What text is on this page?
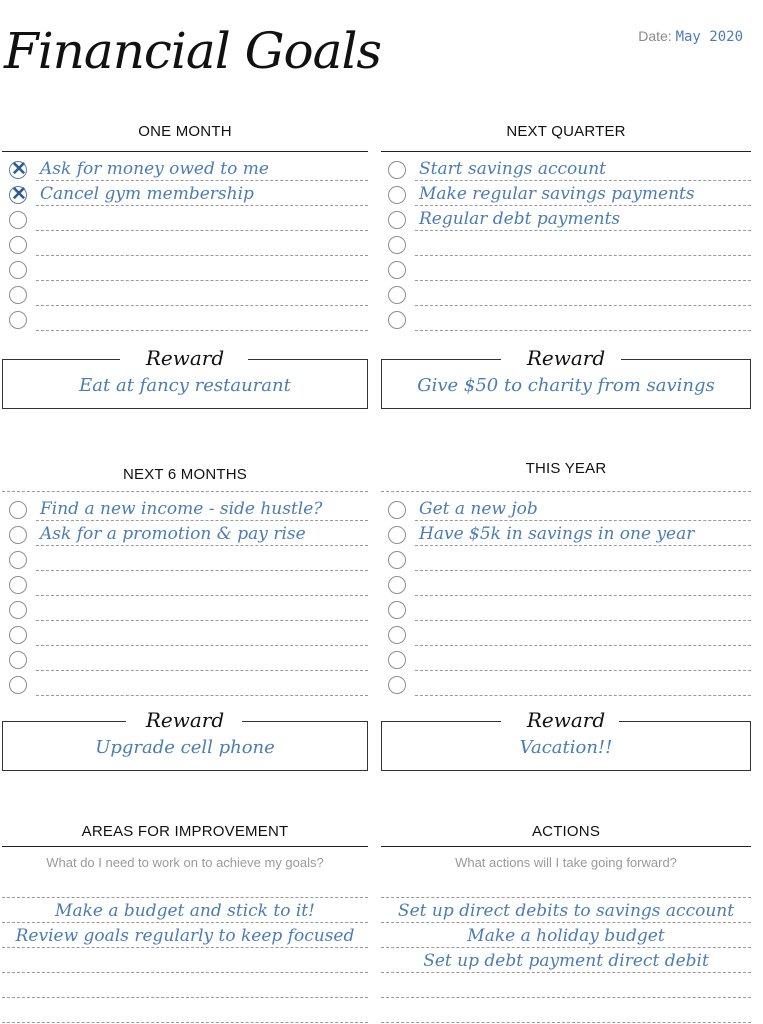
Financial Goals	Date: May 2020
ONE MONTH
✕ Ask for money owed to me
✕ Cancel gym membership
Reward
Eat at fancy restaurant
NEXT QUARTER
Start savings account
Make regular savings payments
Regular debt payments
Reward
Give $50 to charity from savings
NEXT 6 MONTHS
Find a new income - side hustle?
Ask for a promotion & pay rise
Reward
Upgrade cell phone
THIS YEAR
Get a new job
Have $5k in savings in one year
Reward
Vacation!!
AREAS FOR IMPROVEMENT
What do I need to work on to achieve my goals?
Make a budget and stick to it!
Review goals regularly to keep focused
ACTIONS
What actions will I take going forward?
Set up direct debits to savings account
Make a holiday budget
Set up debt payment direct debit
